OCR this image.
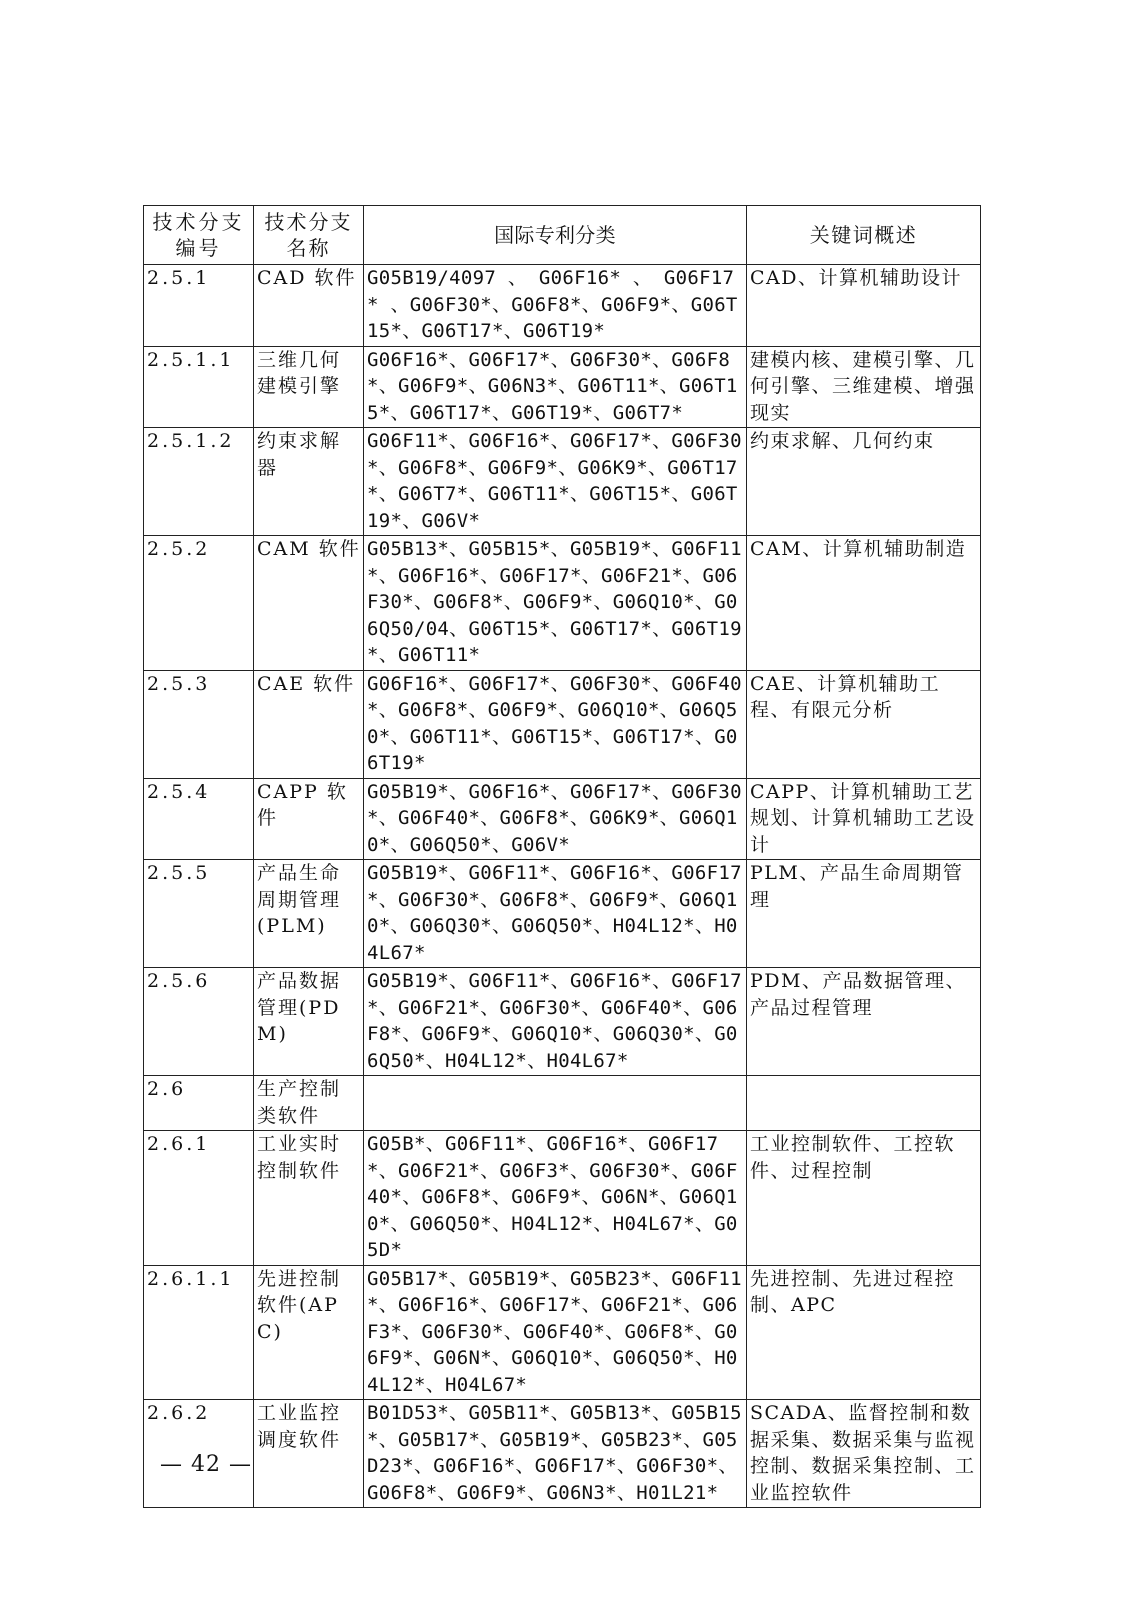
技术分支编号	技术分支名称	国际专利分类	关键词概述
2.5.1	CAD 软件	G05B19/4097 、 G06F16* 、 G06F17* 、G06F30*、G06F8*、G06F9*、G06T15*、G06T17*、G06T19*	CAD、计算机辅助设计
2.5.1.1	三维几何建模引擎	G06F16*、G06F17*、G06F30*、G06F8*、G06F9*、G06N3*、G06T11*、G06T15*、G06T17*、G06T19*、G06T7*	建模内核、建模引擎、几何引擎、三维建模、增强现实
2.5.1.2	约束求解器	G06F11*、G06F16*、G06F17*、G06F30*、G06F8*、G06F9*、G06K9*、G06T17*、G06T7*、G06T11*、G06T15*、G06T19*、G06V*	约束求解、几何约束
2.5.2	CAM 软件	G05B13*、G05B15*、G05B19*、G06F11*、G06F16*、G06F17*、G06F21*、G06F30*、G06F8*、G06F9*、G06Q10*、G06Q50/04、G06T15*、G06T17*、G06T19*、G06T11*	CAM、计算机辅助制造
2.5.3	CAE 软件	G06F16*、G06F17*、G06F30*、G06F40*、G06F8*、G06F9*、G06Q10*、G06Q50*、G06T11*、G06T15*、G06T17*、G06T19*	CAE、计算机辅助工程、有限元分析
2.5.4	CAPP 软件	G05B19*、G06F16*、G06F17*、G06F30*、G06F40*、G06F8*、G06K9*、G06Q10*、G06Q50*、G06V*	CAPP、计算机辅助工艺规划、计算机辅助工艺设计
2.5.5	产品生命周期管理(PLM)	G05B19*、G06F11*、G06F16*、G06F17*、G06F30*、G06F8*、G06F9*、G06Q10*、G06Q30*、G06Q50*、H04L12*、H04L67*	PLM、产品生命周期管理
2.5.6	产品数据管理(PDM)	G05B19*、G06F11*、G06F16*、G06F17*、G06F21*、G06F30*、G06F40*、G06F8*、G06F9*、G06Q10*、G06Q30*、G06Q50*、H04L12*、H04L67*	PDM、产品数据管理、产品过程管理
2.6	生产控制类软件		
2.6.1	工业实时控制软件	G05B*、G06F11*、G06F16*、G06F17*、G06F21*、G06F3*、G06F30*、G06F40*、G06F8*、G06F9*、G06N*、G06Q10*、G06Q50*、H04L12*、H04L67*、G05D*	工业控制软件、工控软件、过程控制
2.6.1.1	先进控制软件(APC)	G05B17*、G05B19*、G05B23*、G06F11*、G06F16*、G06F17*、G06F21*、G06F3*、G06F30*、G06F40*、G06F8*、G06F9*、G06N*、G06Q10*、G06Q50*、H04L12*、H04L67*	先进控制、先进过程控制、APC
2.6.2	工业监控调度软件	B01D53*、G05B11*、G05B13*、G05B15*、G05B17*、G05B19*、G05B23*、G05D23*、G06F16*、G06F17*、G06F30*、G06F8*、G06F9*、G06N3*、H01L21*	SCADA、监督控制和数据采集、数据采集与监视控制、数据采集控制、工业监控软件
— 42 —
